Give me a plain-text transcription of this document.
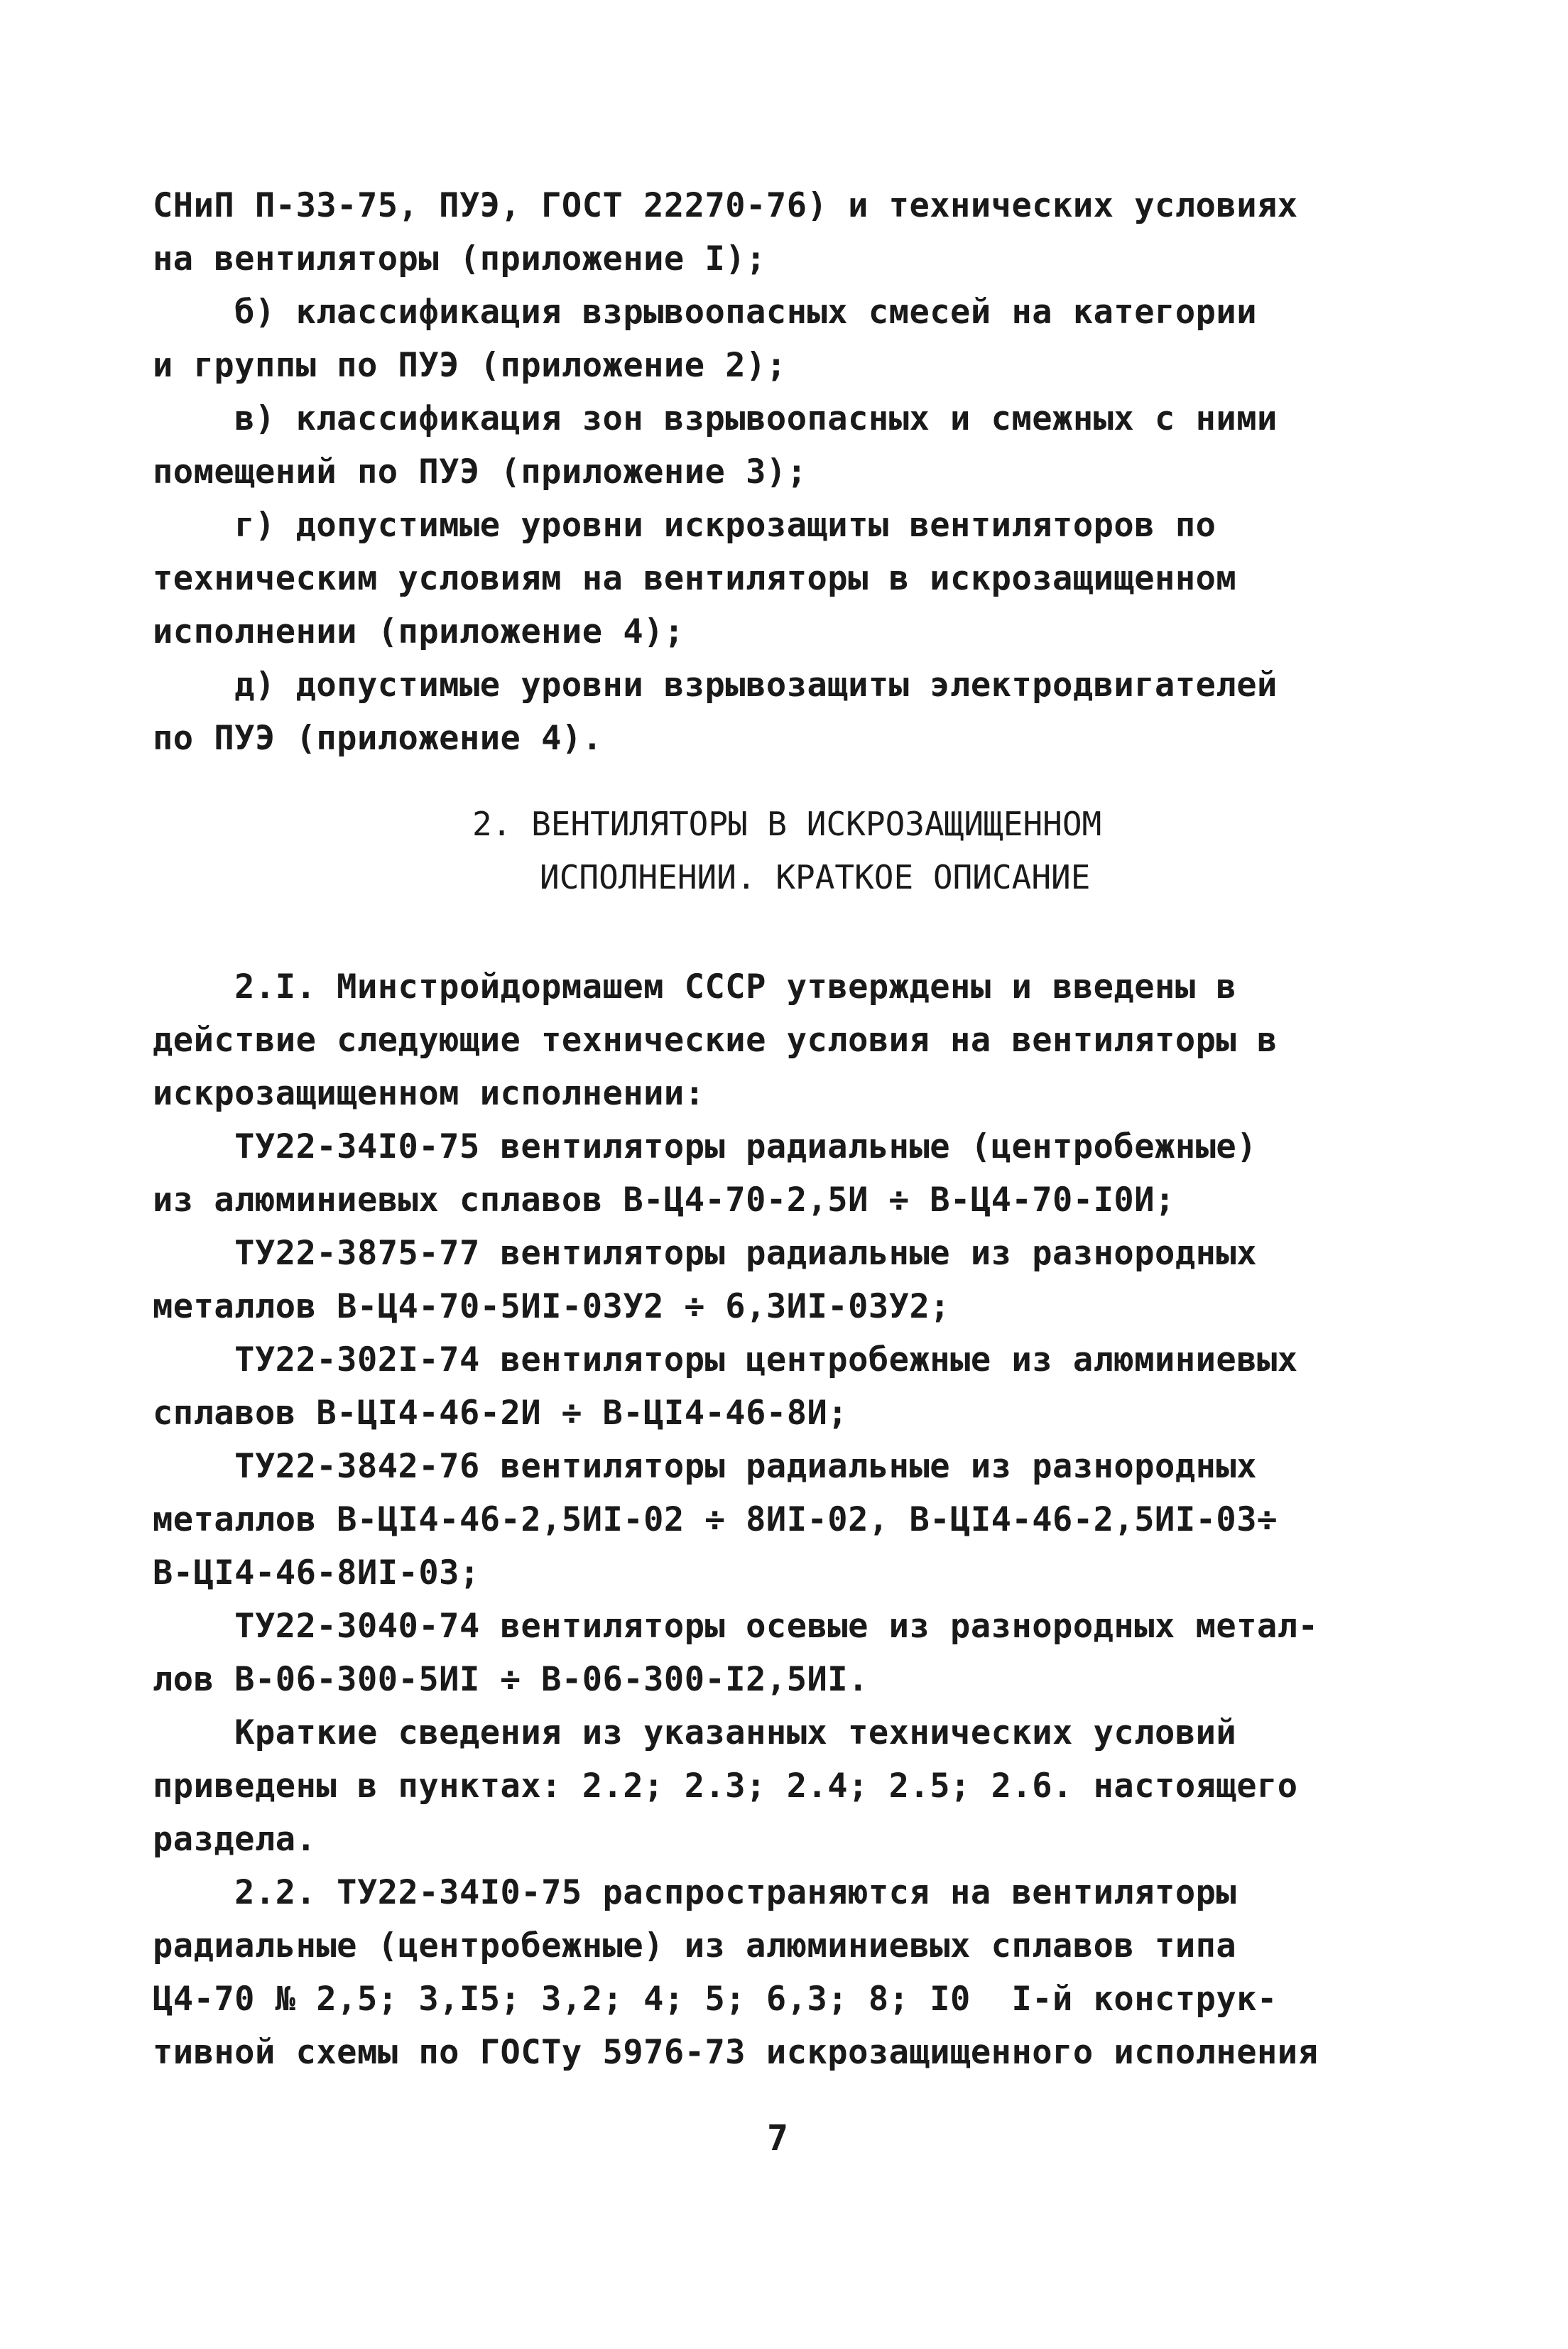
СНиП П-33-75, ПУЭ, ГОСТ 22270-76) и технических условиях
на вентиляторы (приложение I);
б) классификация взрывоопасных смесей на категории
и группы по ПУЭ (приложение 2);
в) классификация зон взрывоопасных и смежных с ними
помещений по ПУЭ (приложение 3);
г) допустимые уровни искрозащиты вентиляторов по
техническим условиям на вентиляторы в искрозащищенном
исполнении (приложение 4);
д) допустимые уровни взрывозащиты электродвигателей
по ПУЭ (приложение 4).
2. ВЕНТИЛЯТОРЫ В ИСКРОЗАЩИЩЕННОМ
ИСПОЛНЕНИИ. КРАТКОЕ ОПИСАНИЕ
2.I. Минстройдормашем СССР утверждены и введены в
действие следующие технические условия на вентиляторы в
искрозащищенном исполнении:
ТУ22-34I0-75 вентиляторы радиальные (центробежные)
из алюминиевых сплавов В-Ц4-70-2,5И ÷ В-Ц4-70-I0И;
ТУ22-3875-77 вентиляторы радиальные из разнородных
металлов В-Ц4-70-5ИI-03У2 ÷ 6,3ИI-03У2;
ТУ22-302I-74 вентиляторы центробежные из алюминиевых
сплавов В-ЦI4-46-2И ÷ В-ЦI4-46-8И;
ТУ22-3842-76 вентиляторы радиальные из разнородных
металлов В-ЦI4-46-2,5ИI-02 ÷ 8ИI-02, В-ЦI4-46-2,5ИI-03÷
В-ЦI4-46-8ИI-03;
ТУ22-3040-74 вентиляторы осевые из разнородных метал-
лов В-06-300-5ИI ÷ В-06-300-I2,5ИI.
Краткие сведения из указанных технических условий
приведены в пунктах: 2.2; 2.3; 2.4; 2.5; 2.6. настоящего
раздела.
2.2. ТУ22-34I0-75 распространяются на вентиляторы
радиальные (центробежные) из алюминиевых сплавов типа
Ц4-70 № 2,5; 3,I5; 3,2; 4; 5; 6,3; 8; I0  I-й конструк-
тивной схемы по ГОСТу 5976-73 искрозащищенного исполнения
7
